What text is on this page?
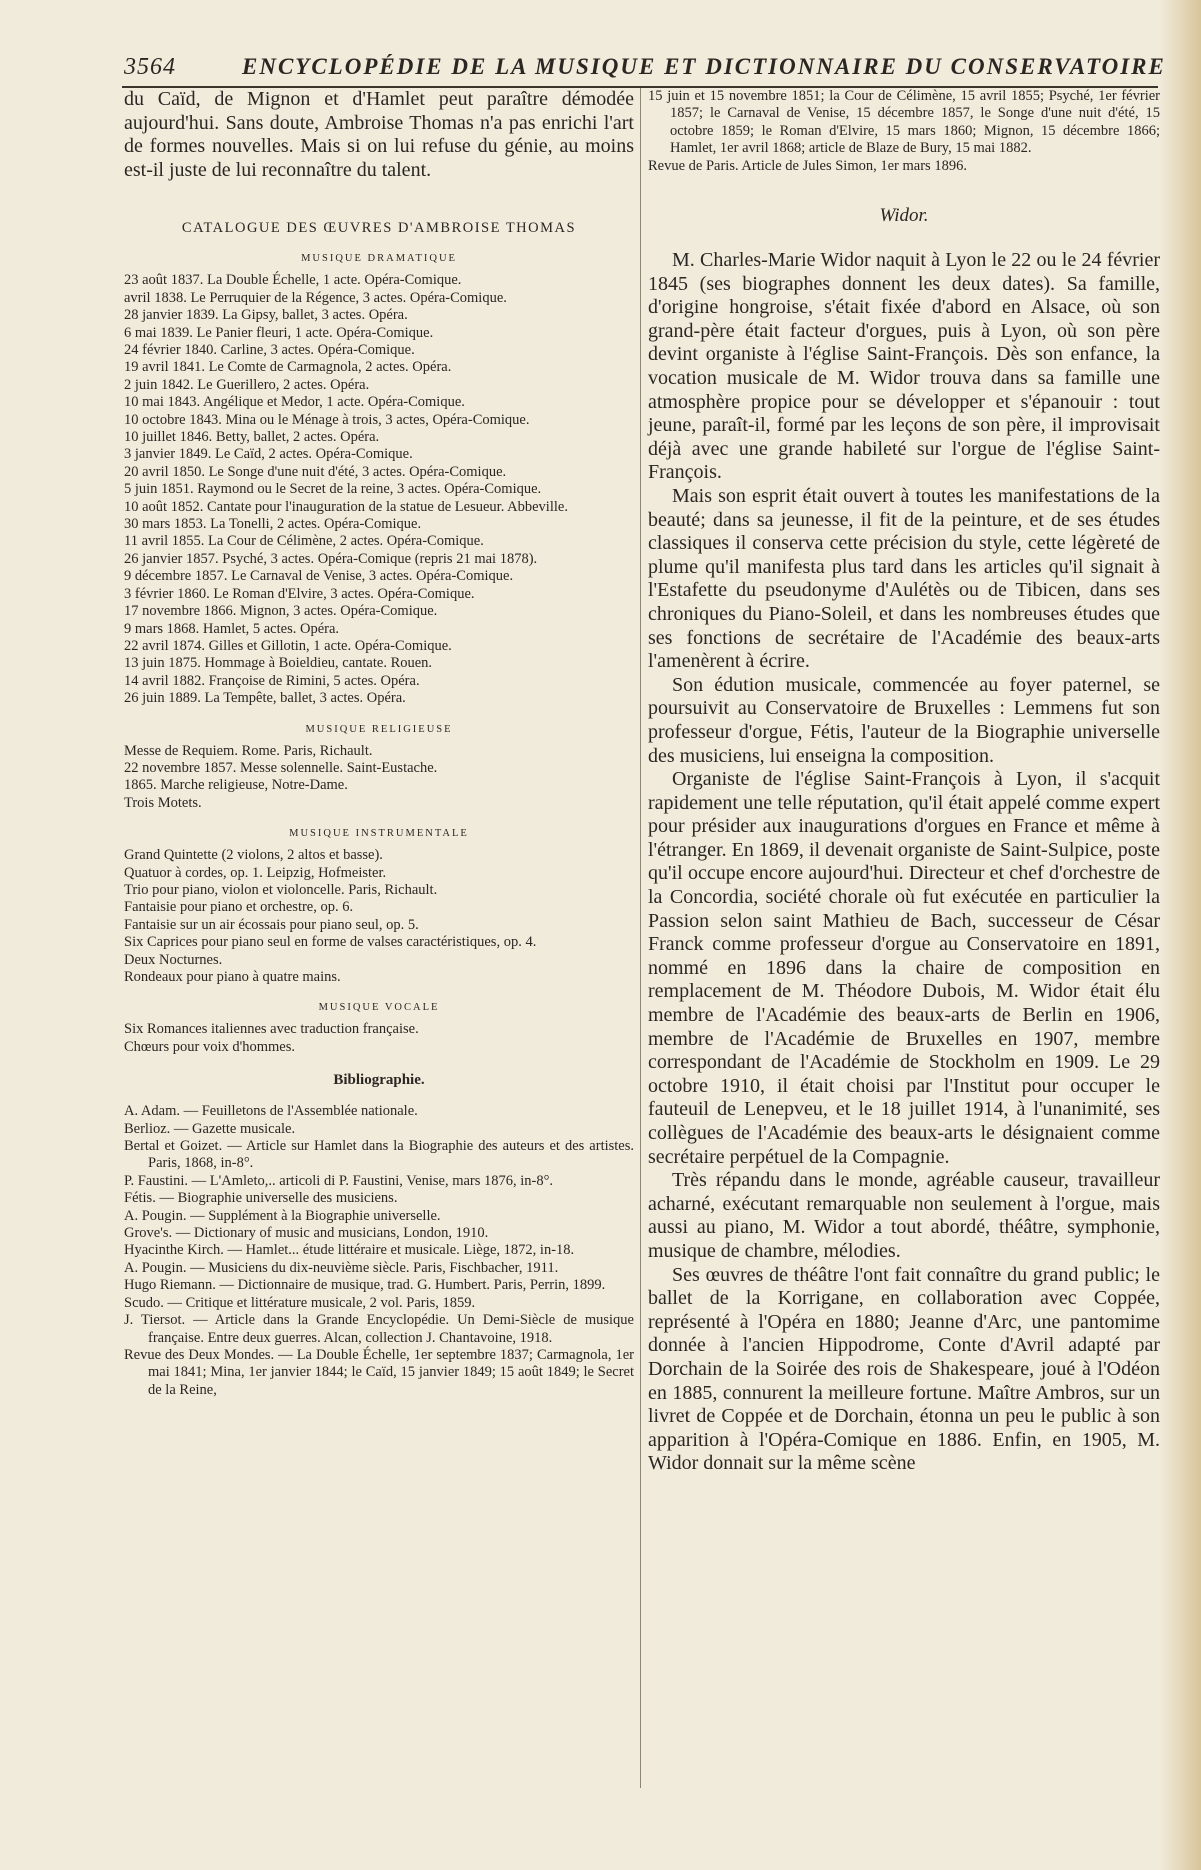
3564	ENCYCLOPÉDIE DE LA MUSIQUE ET DICTIONNAIRE DU CONSERVATOIRE

du Caïd, de Mignon et d'Hamlet peut paraître démodée aujourd'hui. Sans doute, Ambroise Thomas n'a pas enrichi l'art de formes nouvelles. Mais si on lui refuse du génie, au moins est-il juste de lui reconnaître du talent.

CATALOGUE DES ŒUVRES D'AMBROISE THOMAS
MUSIQUE DRAMATIQUE

23 août 1837. La Double Échelle, 1 acte. Opéra-Comique.

avril 1838. Le Perruquier de la Régence, 3 actes. Opéra-Comique.

28 janvier 1839. La Gipsy, ballet, 3 actes. Opéra.

6 mai 1839. Le Panier fleuri, 1 acte. Opéra-Comique.

24 février 1840. Carline, 3 actes. Opéra-Comique.

19 avril 1841. Le Comte de Carmagnola, 2 actes. Opéra.

2 juin 1842. Le Guerillero, 2 actes. Opéra.

10 mai 1843. Angélique et Medor, 1 acte. Opéra-Comique.

10 octobre 1843. Mina ou le Ménage à trois, 3 actes, Opéra-Comique.

10 juillet 1846. Betty, ballet, 2 actes. Opéra.

3 janvier 1849. Le Caïd, 2 actes. Opéra-Comique.

20 avril 1850. Le Songe d'une nuit d'été, 3 actes. Opéra-Comique.

5 juin 1851. Raymond ou le Secret de la reine, 3 actes. Opéra-Comique.

10 août 1852. Cantate pour l'inauguration de la statue de Lesueur. Abbeville.

30 mars 1853. La Tonelli, 2 actes. Opéra-Comique.

11 avril 1855. La Cour de Célimène, 2 actes. Opéra-Comique.

26 janvier 1857. Psyché, 3 actes. Opéra-Comique (repris 21 mai 1878).

9 décembre 1857. Le Carnaval de Venise, 3 actes. Opéra-Comique.

3 février 1860. Le Roman d'Elvire, 3 actes. Opéra-Comique.

17 novembre 1866. Mignon, 3 actes. Opéra-Comique.

9 mars 1868. Hamlet, 5 actes. Opéra.

22 avril 1874. Gilles et Gillotin, 1 acte. Opéra-Comique.

13 juin 1875. Hommage à Boieldieu, cantate. Rouen.

14 avril 1882. Françoise de Rimini, 5 actes. Opéra.

26 juin 1889. La Tempête, ballet, 3 actes. Opéra.

MUSIQUE RELIGIEUSE

Messe de Requiem. Rome. Paris, Richault.

22 novembre 1857. Messe solennelle. Saint-Eustache.

1865. Marche religieuse, Notre-Dame.

Trois Motets.

MUSIQUE INSTRUMENTALE

Grand Quintette (2 violons, 2 altos et basse).

Quatuor à cordes, op. 1. Leipzig, Hofmeister.

Trio pour piano, violon et violoncelle. Paris, Richault.

Fantaisie pour piano et orchestre, op. 6.

Fantaisie sur un air écossais pour piano seul, op. 5.

Six Caprices pour piano seul en forme de valses caractéristiques, op. 4.

Deux Nocturnes.

Rondeaux pour piano à quatre mains.

MUSIQUE VOCALE

Six Romances italiennes avec traduction française.

Chœurs pour voix d'hommes.

Bibliographie.

A. Adam. — Feuilletons de l'Assemblée nationale.

Berlioz. — Gazette musicale.

Bertal et Goizet. — Article sur Hamlet dans la Biographie des auteurs et des artistes. Paris, 1868, in-8°.

P. Faustini. — L'Amleto,.. articoli di P. Faustini, Venise, mars 1876, in-8°.

Fétis. — Biographie universelle des musiciens.

A. Pougin. — Supplément à la Biographie universelle.

Grove's. — Dictionary of music and musicians, London, 1910.

Hyacinthe Kirch. — Hamlet... étude littéraire et musicale. Liège, 1872, in-18.

A. Pougin. — Musiciens du dix-neuvième siècle. Paris, Fischbacher, 1911.

Hugo Riemann. — Dictionnaire de musique, trad. G. Humbert. Paris, Perrin, 1899.

Scudo. — Critique et littérature musicale, 2 vol. Paris, 1859.

J. Tiersot. — Article dans la Grande Encyclopédie. Un Demi-Siècle de musique française. Entre deux guerres. Alcan, collection J. Chantavoine, 1918.

Revue des Deux Mondes. — La Double Échelle, 1er septembre 1837; Carmagnola, 1er mai 1841; Mina, 1er janvier 1844; le Caïd, 15 janvier 1849; 15 août 1849; le Secret de la Reine,

15 juin et 15 novembre 1851; la Cour de Célimène, 15 avril 1855; Psyché, 1er février 1857; le Carnaval de Venise, 15 décembre 1857, le Songe d'une nuit d'été, 15 octobre 1859; le Roman d'Elvire, 15 mars 1860; Mignon, 15 décembre 1866; Hamlet, 1er avril 1868; article de Blaze de Bury, 15 mai 1882.

Revue de Paris. Article de Jules Simon, 1er mars 1896.

Widor.

M. Charles-Marie Widor naquit à Lyon le 22 ou le 24 février 1845 (ses biographes donnent les deux dates). Sa famille, d'origine hongroise, s'était fixée d'abord en Alsace, où son grand-père était facteur d'orgues, puis à Lyon, où son père devint organiste à l'église Saint-François. Dès son enfance, la vocation musicale de M. Widor trouva dans sa famille une atmosphère propice pour se développer et s'épanouir : tout jeune, paraît-il, formé par les leçons de son père, il improvisait déjà avec une grande habileté sur l'orgue de l'église Saint-François.

Mais son esprit était ouvert à toutes les manifestations de la beauté; dans sa jeunesse, il fit de la peinture, et de ses études classiques il conserva cette précision du style, cette légèreté de plume qu'il manifesta plus tard dans les articles qu'il signait à l'Estafette du pseudonyme d'Aulétès ou de Tibicen, dans ses chroniques du Piano-Soleil, et dans les nombreuses études que ses fonctions de secrétaire de l'Académie des beaux-arts l'amenèrent à écrire.

Son édution musicale, commencée au foyer paternel, se poursuivit au Conservatoire de Bruxelles : Lemmens fut son professeur d'orgue, Fétis, l'auteur de la Biographie universelle des musiciens, lui enseigna la composition.

Organiste de l'église Saint-François à Lyon, il s'acquit rapidement une telle réputation, qu'il était appelé comme expert pour présider aux inaugurations d'orgues en France et même à l'étranger. En 1869, il devenait organiste de Saint-Sulpice, poste qu'il occupe encore aujourd'hui. Directeur et chef d'orchestre de la Concordia, société chorale où fut exécutée en particulier la Passion selon saint Mathieu de Bach, successeur de César Franck comme professeur d'orgue au Conservatoire en 1891, nommé en 1896 dans la chaire de composition en remplacement de M. Théodore Dubois, M. Widor était élu membre de l'Académie des beaux-arts de Berlin en 1906, membre de l'Académie de Bruxelles en 1907, membre correspondant de l'Académie de Stockholm en 1909. Le 29 octobre 1910, il était choisi par l'Institut pour occuper le fauteuil de Lenepveu, et le 18 juillet 1914, à l'unanimité, ses collègues de l'Académie des beaux-arts le désignaient comme secrétaire perpétuel de la Compagnie.

Très répandu dans le monde, agréable causeur, travailleur acharné, exécutant remarquable non seulement à l'orgue, mais aussi au piano, M. Widor a tout abordé, théâtre, symphonie, musique de chambre, mélodies.

Ses œuvres de théâtre l'ont fait connaître du grand public; le ballet de la Korrigane, en collaboration avec Coppée, représenté à l'Opéra en 1880; Jeanne d'Arc, une pantomime donnée à l'ancien Hippodrome, Conte d'Avril adapté par Dorchain de la Soirée des rois de Shakespeare, joué à l'Odéon en 1885, connurent la meilleure fortune. Maître Ambros, sur un livret de Coppée et de Dorchain, étonna un peu le public à son apparition à l'Opéra-Comique en 1886. Enfin, en 1905, M. Widor donnait sur la même scène
